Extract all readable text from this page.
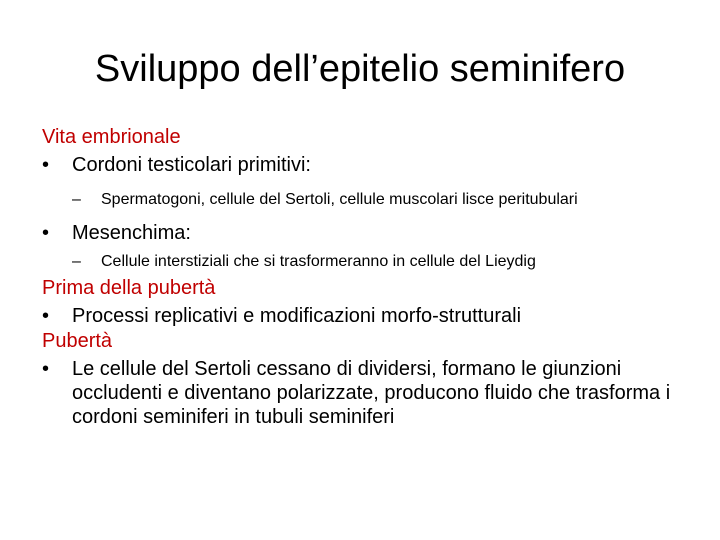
Sviluppo dell’epitelio seminifero
Vita embrionale
• Cordoni testicolari primitivi:
– Spermatogoni, cellule del Sertoli, cellule muscolari lisce peritubulari
• Mesenchima:
– Cellule interstiziali che si trasformeranno in cellule del Lieydig
Prima della pubertà
• Processi replicativi e modificazioni morfo-strutturali
Pubertà
• Le cellule del Sertoli cessano di dividersi, formano le giunzioni occludenti e diventano polarizzate, producono fluido che trasforma i cordoni seminiferi in tubuli seminiferi
